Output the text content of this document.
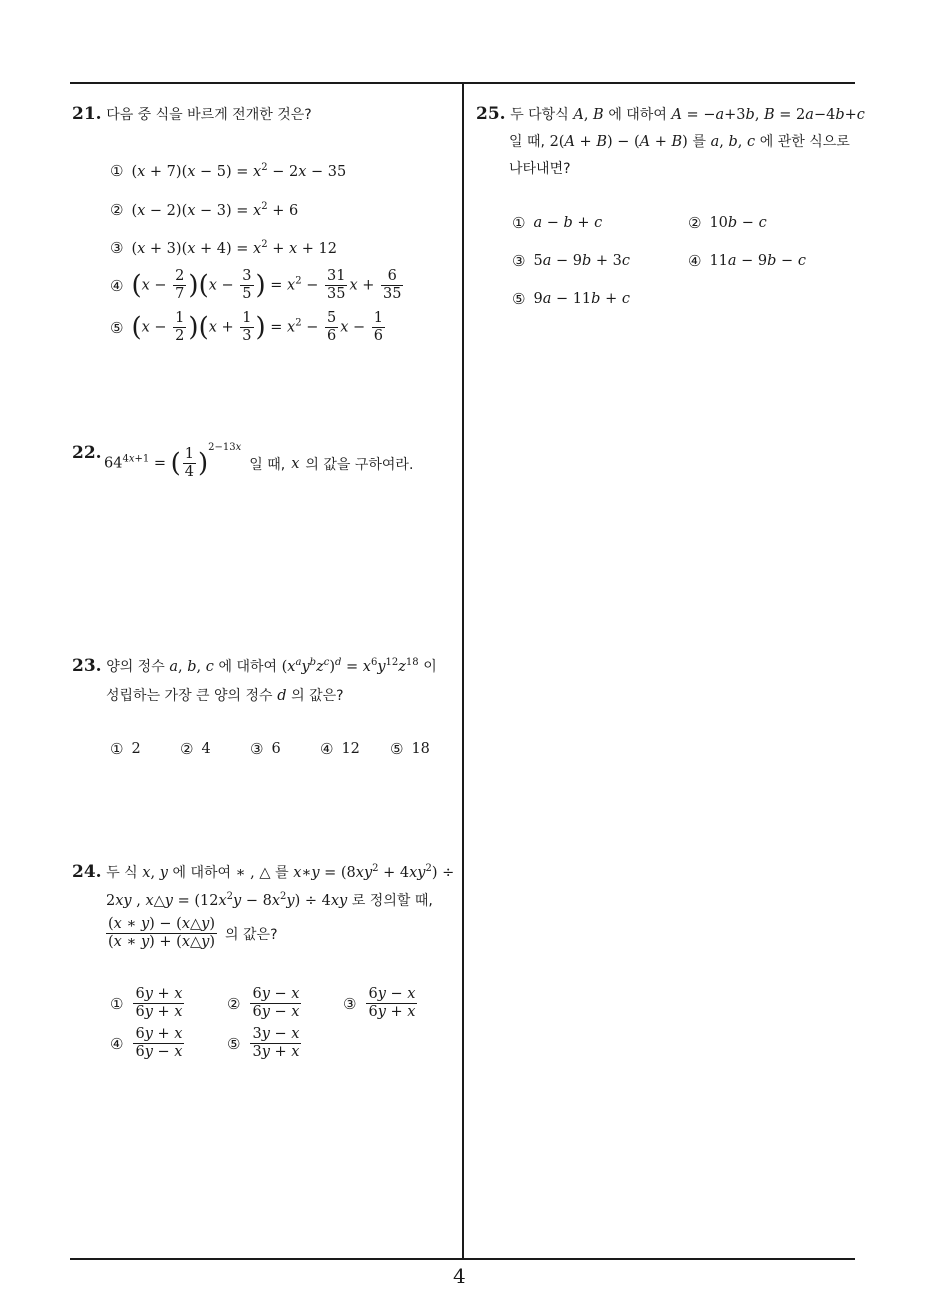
21. 다음 중 식을 바르게 전개한 것은?
① $(x + 7)(x - 5) = x^2 - 2x - 35$
② $(x - 2)(x - 3) = x^2 + 6$
③ $(x + 3)(x + 4) = x^2 + x + 12$
④ $(x - \frac{2}{7} )(x - \frac{3}{5}$ ) = $x^2 - \frac{31}{35}$ $x + \frac{6}{35}$
⑤ $(x - \frac{1}{2} )(x + \frac{1}{3}$ ) = $x^2 - \frac{5}{6}$ $x - \frac{1}{6}$
22.
$64^{4x+1}$ = ( $\frac{1}{4} )^{2-13x}$
일 때, x 의 값을 구하여라.
23. 양의 정수 a, b, c 에 대하여 $(x^ay^bz^c)^d = x^6y^{12}z^{18}$ 이
성립하는 가장 큰 양의 정수 d 의 값은?
① 2	② 4	③ 6	④ 12 ⑤ 18
24. 두 식 x, y 에 대하여 ∗ , △ 를 x∗y = $(8xy^2 + 4xy^2)$ ÷
2xy , x△y = $(12x^2y - 8x^2y) \div 4xy$ 로 정의할 때,
$\frac{(x ∗ y) - (x\triangle y)}{(x ∗ y) + (x\triangle y)}$ 의 값은?
① $\frac{6y + x}{6y + x}$	② $\frac{6y - x}{6y - x}$	③ $\frac{6y - x}{6y + x}$
④ $\frac{6y + x}{6y - x}$	⑤ $\frac{3y - x}{3y + x}$
25. 두 다항식 A, B 에 대하여 A = −a+3b, B = 2a−4b+c
일 때, 2(A + B) − (A + B) 를 a, b, c 에 관한 식으로
나타내면?
① a − b + c	② 10b − c
③ 5a − 9b + 3c	④ 11a − 9b − c
⑤ 9a − 11b + c
4
